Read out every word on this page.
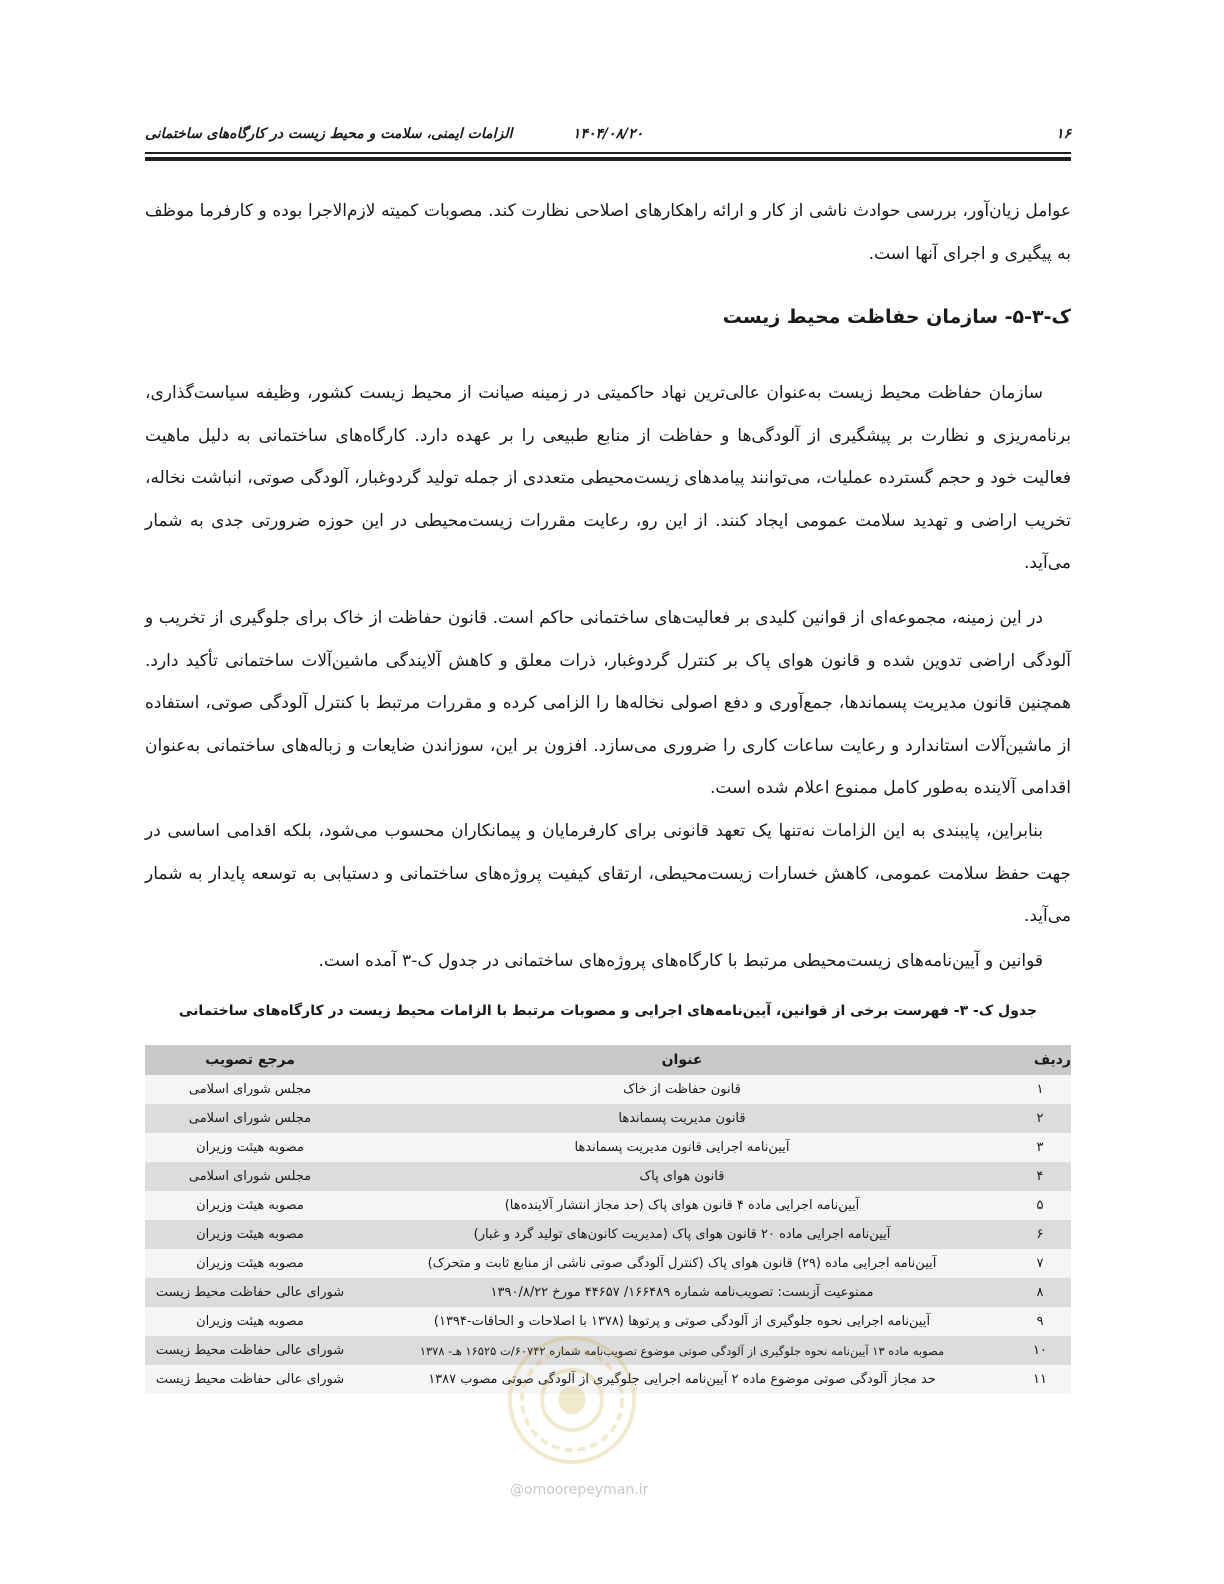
۱۶
۱۴۰۴/۰۸/۲۰
الزامات ایمنی، سلامت و محیط زیست در کارگاه‌های ساختمانی

عوامل زیان‌آور، بررسی حوادث ناشی از کار و ارائه راهکارهای اصلاحی نظارت کند. مصوبات کمیته لازم‌الاجرا بوده و کارفرما موظف به پیگیری و اجرای آنها است.

ک-۳-۵- سازمان حفاظت محیط زیست

سازمان حفاظت محیط زیست به‌عنوان عالی‌ترین نهاد حاکمیتی در زمینه صیانت از محیط زیست کشور، وظیفه سیاست‌گذاری، برنامه‌ریزی و نظارت بر پیشگیری از آلودگی‌ها و حفاظت از منابع طبیعی را بر عهده دارد. کارگاه‌های ساختمانی به دلیل ماهیت فعالیت خود و حجم گسترده عملیات، می‌توانند پیامدهای زیست‌محیطی متعددی از جمله تولید گردوغبار، آلودگی صوتی، انباشت نخاله، تخریب اراضی و تهدید سلامت عمومی ایجاد کنند. از این رو، رعایت مقررات زیست‌محیطی در این حوزه ضرورتی جدی به شمار می‌آید.

در این زمینه، مجموعه‌ای از قوانین کلیدی بر فعالیت‌های ساختمانی حاکم است. قانون حفاظت از خاک برای جلوگیری از تخریب و آلودگی اراضی تدوین شده و قانون هوای پاک بر کنترل گردوغبار، ذرات معلق و کاهش آلایندگی ماشین‌آلات ساختمانی تأکید دارد. همچنین قانون مدیریت پسماندها، جمع‌آوری و دفع اصولی نخاله‌ها را الزامی کرده و مقررات مرتبط با کنترل آلودگی صوتی، استفاده از ماشین‌آلات استاندارد و رعایت ساعات کاری را ضروری می‌سازد. افزون بر این، سوزاندن ضایعات و زباله‌های ساختمانی به‌عنوان اقدامی آلاینده به‌طور کامل ممنوع اعلام شده است.

بنابراین، پایبندی به این الزامات نه‌تنها یک تعهد قانونی برای کارفرمایان و پیمانکاران محسوب می‌شود، بلکه اقدامی اساسی در جهت حفظ سلامت عمومی، کاهش خسارات زیست‌محیطی، ارتقای کیفیت پروژه‌های ساختمانی و دستیابی به توسعه پایدار به شمار می‌آید.

قوانین و آیین‌نامه‌های زیست‌محیطی مرتبط با کارگاه‌های پروژه‌های ساختمانی در جدول ک-۳ آمده است.

جدول ک- ۳- فهرست برخی از قوانین، آیین‌نامه‌های اجرایی و مصوبات مرتبط با الزامات محیط زیست در کارگاه‌های ساختمانی
ردیف	عنوان	مرجع تصویب
۱	قانون حفاظت از خاک	مجلس شورای اسلامی
۲	قانون مدیریت پسماندها	مجلس شورای اسلامی
۳	آیین‌نامه اجرایی قانون مدیریت پسماندها	مصوبه هیئت وزیران
۴	قانون هوای پاک	مجلس شورای اسلامی
۵	آیین‌نامه اجرایی ماده ۴ قانون هوای پاک (حد مجاز انتشار آلاینده‌ها)	مصوبه هیئت وزیران
۶	آیین‌نامه اجرایی ماده ۲۰ قانون هوای پاک (مدیریت کانون‌های تولید گرد و غبار)	مصوبه هیئت وزیران
۷	آیین‌نامه اجرایی ماده (۲۹) قانون هوای پاک (کنترل آلودگی صوتی ناشی از منابع ثابت و متحرک)	مصوبه هیئت وزیران
۸	ممنوعیت آزبست: تصویب‌نامه شماره ۱۶۶۴۸۹/ ۴۴۶۵۷ مورخ ۱۳۹۰/۸/۲۲	شورای عالی حفاظت محیط زیست
۹	آیین‌نامه اجرایی نحوه جلوگیری از آلودگی صوتی و پرتوها (۱۳۷۸ با اصلاحات و الحاقات-۱۳۹۴)	مصوبه هیئت وزیران
۱۰	مصوبه ماده ۱۳ آیین‌نامه نحوه جلوگیری از آلودگی صوتی موضوع تصویب‌نامه شماره ۶۰۷۴۲/ت ۱۶۵۲۵ هـ- ۱۳۷۸	شورای عالی حفاظت محیط زیست
۱۱	حد مجاز آلودگی صوتی موضوع ماده ۲ آیین‌نامه اجرایی جلوگیری از آلودگی صوتی مصوب ۱۳۸۷	شورای عالی حفاظت محیط زیست
@omoorepeyman.ir
